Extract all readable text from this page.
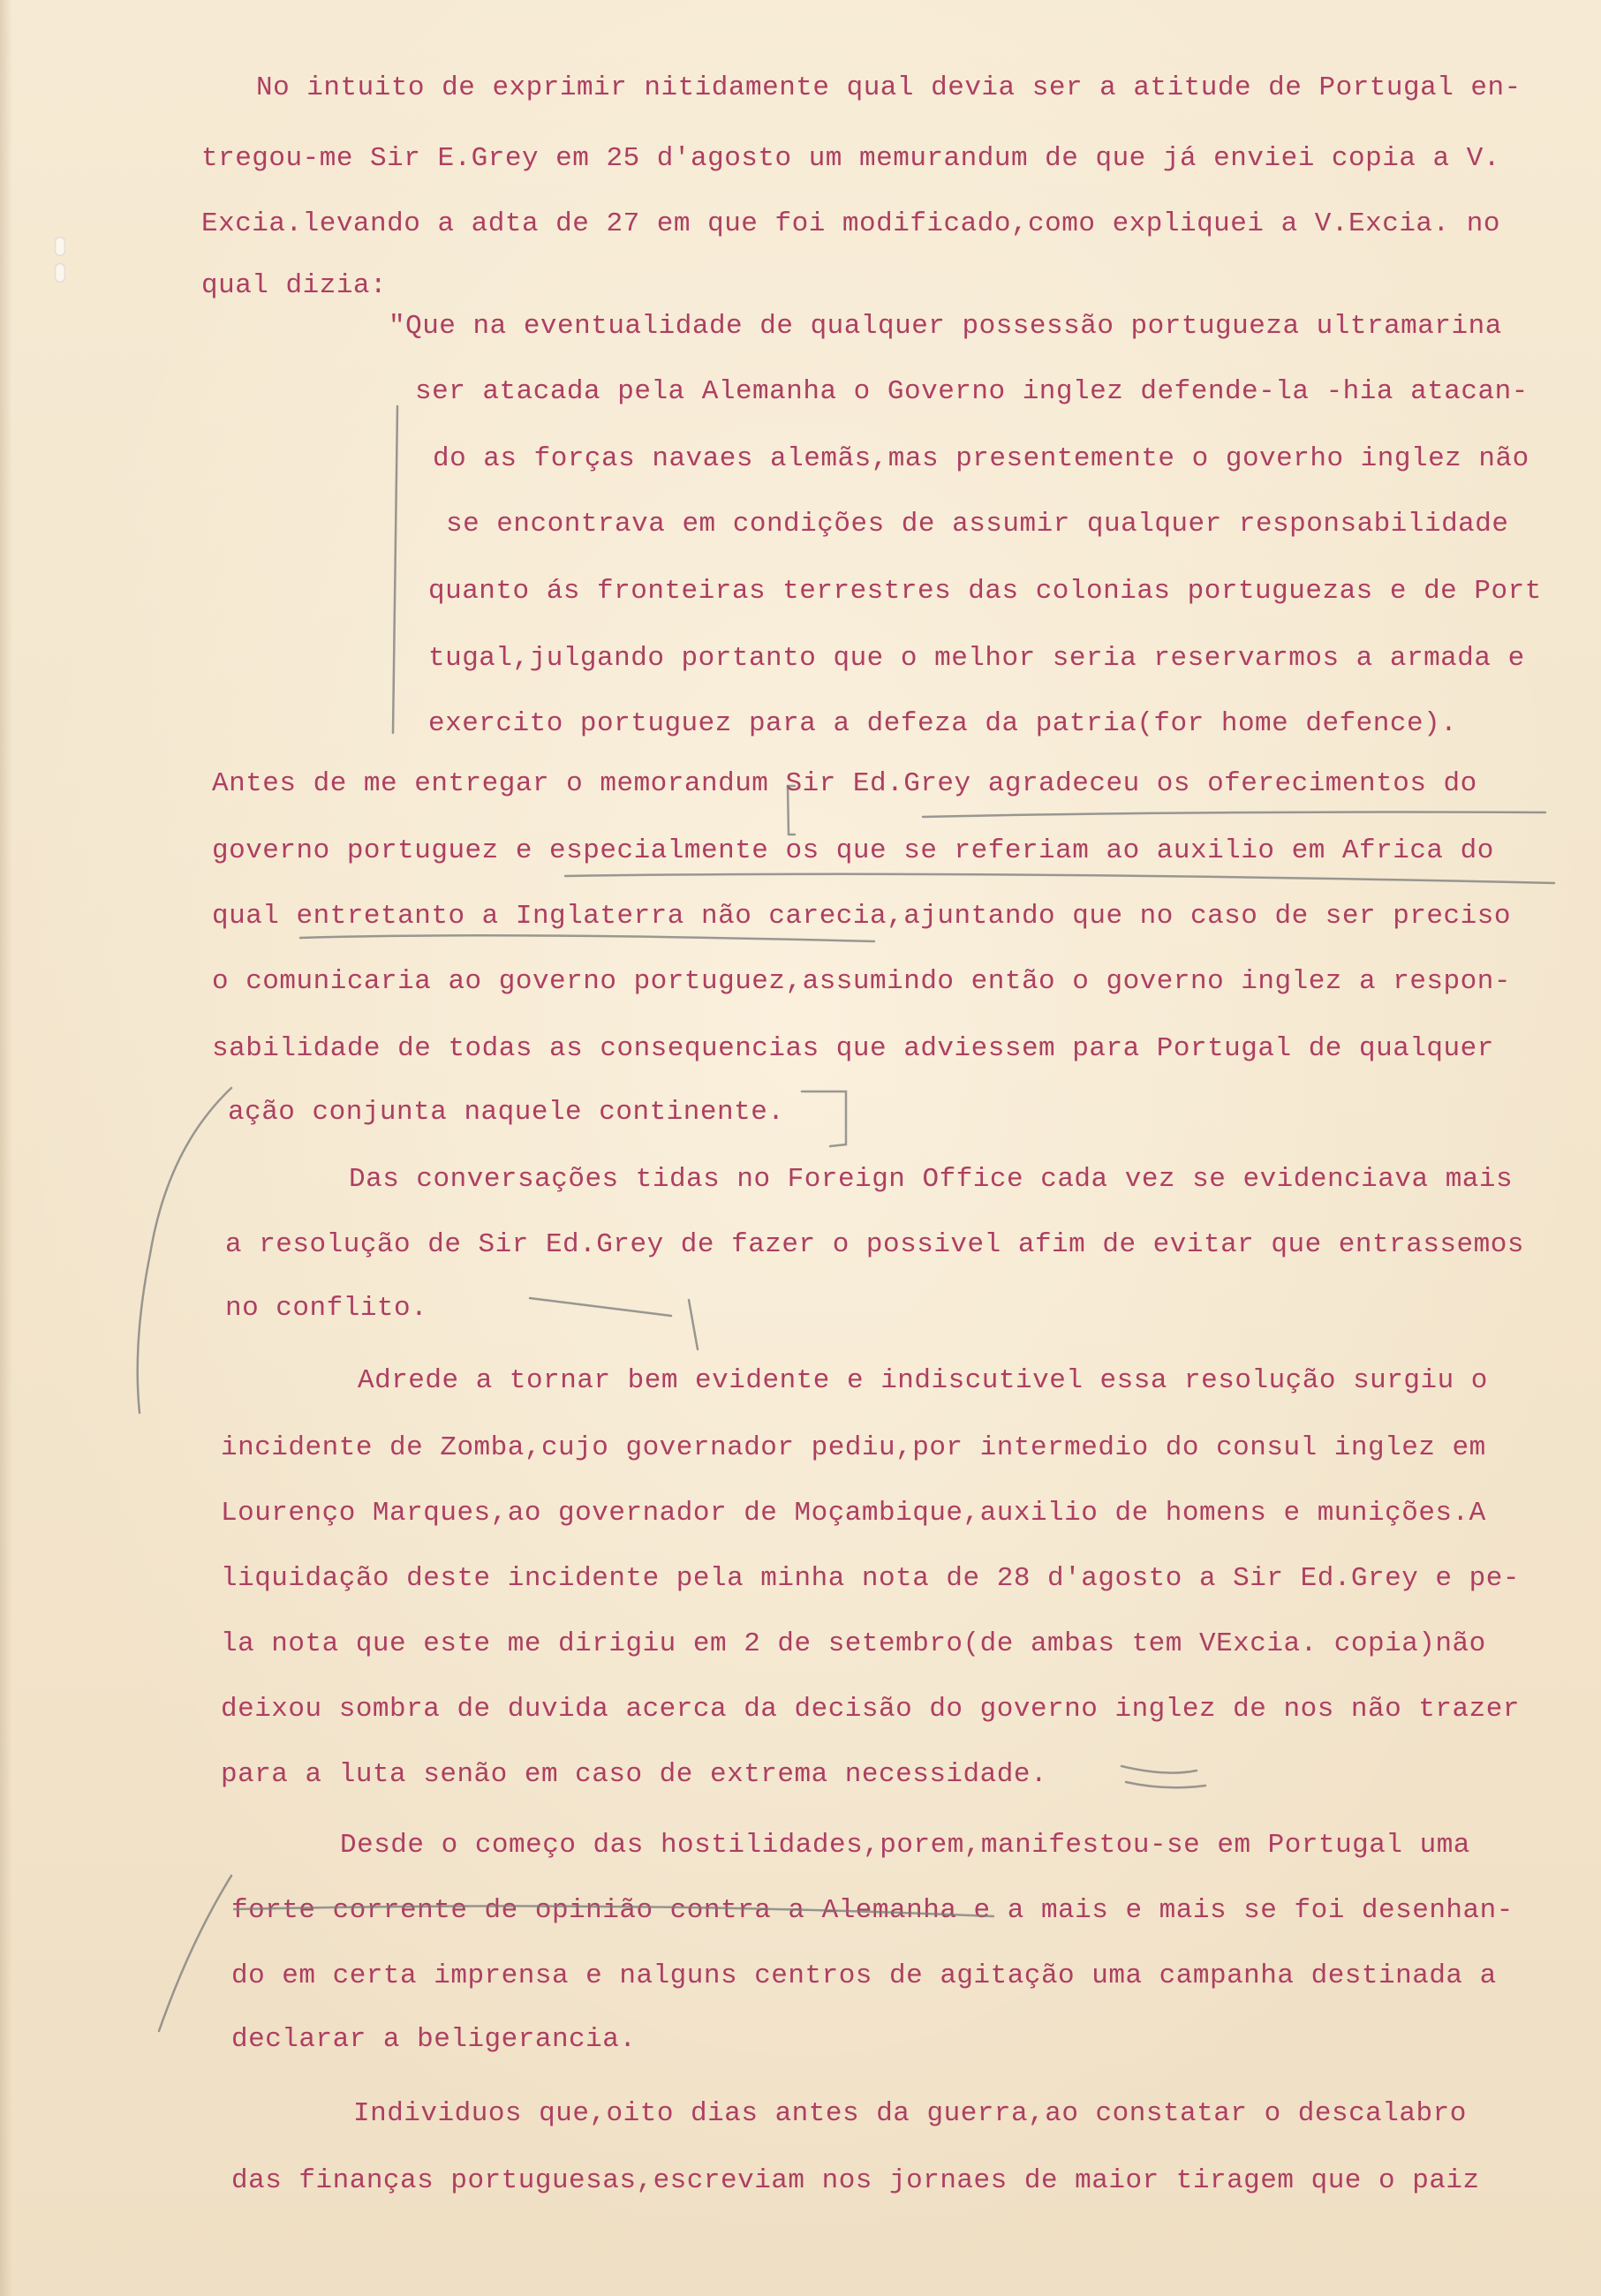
No intuito de exprimir nitidamente qual devia ser a atitude de Portugal en-

tregou-me Sir E.Grey em 25 d'agosto um memurandum de que já enviei copia a V.

Excia.levando a adta de 27 em que foi modificado,como expliquei a V.Excia. no

qual dizia:

"Que na eventualidade de qualquer possessão portugueza ultramarina

ser atacada pela Alemanha o Governo inglez defende-la -hia atacan-

do as forças navaes alemãs,mas presentemente o goverho inglez não

se encontrava em condições de assumir qualquer responsabilidade

quanto ás fronteiras terrestres das colonias portuguezas e de Port

tugal,julgando portanto que o melhor seria reservarmos a armada e

exercito portuguez para a defeza da patria(for home defence).

Antes de me entregar o memorandum Sir Ed.Grey agradeceu os oferecimentos do

governo portuguez e especialmente os que se referiam ao auxilio em Africa do

qual entretanto a Inglaterra não carecia,ajuntando que no caso de ser preciso

o comunicaria ao governo portuguez,assumindo então o governo inglez a respon-

sabilidade de todas as consequencias que adviessem para Portugal de qualquer

ação conjunta naquele continente.

Das conversações tidas no Foreign Office cada vez se evidenciava mais

a resolução de Sir Ed.Grey de fazer o possivel afim de evitar que entrassemos

no conflito.

Adrede a tornar bem evidente e indiscutivel essa resolução surgiu o

incidente de Zomba,cujo governador pediu,por intermedio do consul inglez em

Lourenço Marques,ao governador de Moçambique,auxilio de homens e munições.A

liquidação deste incidente pela minha nota de 28 d'agosto a Sir Ed.Grey e pe-

la nota que este me dirigiu em 2 de setembro(de ambas tem VExcia. copia)não

deixou sombra de duvida acerca da decisão do governo inglez de nos não trazer

para a luta senão em caso de extrema necessidade.

Desde o começo das hostilidades,porem,manifestou-se em Portugal uma

forte corrente de opinião contra a Alemanha e a mais e mais se foi desenhan-

do em certa imprensa e nalguns centros de agitação uma campanha destinada a

declarar a beligerancia.

Individuos que,oito dias antes da guerra,ao constatar o descalabro

das finanças portuguesas,escreviam nos jornaes de maior tiragem que o paiz
